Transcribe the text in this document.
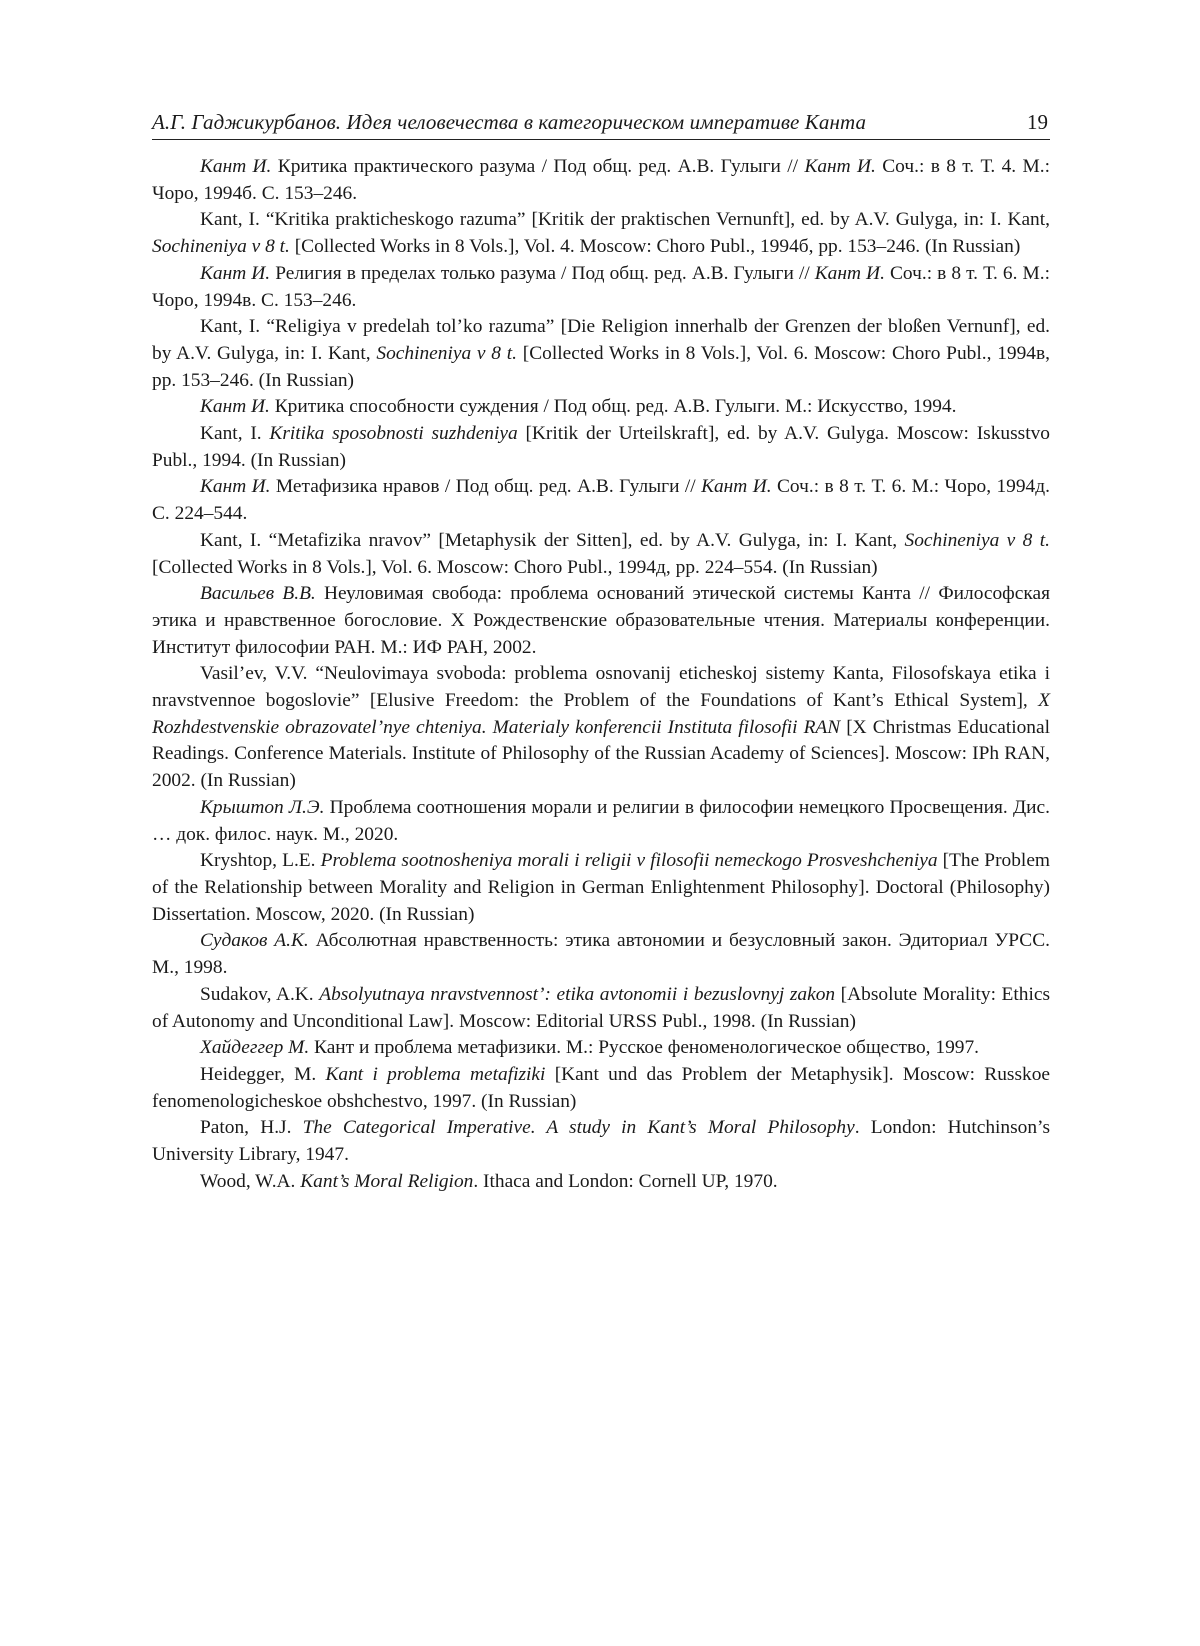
А.Г. Гаджикурбанов. Идея человечества в категорическом императиве Канта	19

Кант И. Критика практического разума / Под общ. ред. А.В. Гулыги // Кант И. Соч.: в 8 т. Т. 4. М.: Чоро, 1994б. С. 153–246.

Kant, I. “Kritika prakticheskogo razuma” [Kritik der praktischen Vernunft], ed. by A.V. Gulyga, in: I. Kant, Sochineniya v 8 t. [Collected Works in 8 Vols.], Vol. 4. Moscow: Choro Publ., 1994б, pp. 153–246. (In Russian)

Кант И. Религия в пределах только разума / Под общ. ред. А.В. Гулыги // Кант И. Соч.: в 8 т. Т. 6. М.: Чоро, 1994в. С. 153–246.

Kant, I. “Religiya v predelah tol’ko razuma” [Die Religion innerhalb der Grenzen der bloßen Vernunf], ed. by A.V. Gulyga, in: I. Kant, Sochineniya v 8 t. [Collected Works in 8 Vols.], Vol. 6. Moscow: Choro Publ., 1994в, pp. 153–246. (In Russian)

Кант И. Критика способности суждения / Под общ. ред. А.В. Гулыги. М.: Искусство, 1994.

Kant, I. Kritika sposobnosti suzhdeniya [Kritik der Urteilskraft], ed. by A.V. Gulyga. Moscow: Iskusstvo Publ., 1994. (In Russian)

Кант И. Метафизика нравов / Под общ. ред. А.В. Гулыги // Кант И. Соч.: в 8 т. Т. 6. М.: Чоро, 1994д. С. 224–544.

Kant, I. “Metafizika nravov” [Metaphysik der Sitten], ed. by A.V. Gulyga, in: I. Kant, Sochineniya v 8 t. [Collected Works in 8 Vols.], Vol. 6. Moscow: Choro Publ., 1994д, pp. 224–554. (In Russian)

Васильев В.В. Неуловимая свобода: проблема оснований этической системы Канта // Философская этика и нравственное богословие. X Рождественские образовательные чтения. Материалы конференции. Институт философии РАН. М.: ИФ РАН, 2002.

Vasil’ev, V.V. “Neulovimaya svoboda: problema osnovanij eticheskoj sistemy Kanta, Filosofskaya etika i nravstvennoe bogoslovie” [Elusive Freedom: the Problem of the Foundations of Kant’s Ethical System], X Rozhdestvenskie obrazovatel’nye chteniya. Materialy konferencii Instituta filosofii RAN [X Christmas Educational Readings. Conference Materials. Institute of Philosophy of the Russian Academy of Sciences]. Moscow: IPh RAN, 2002. (In Russian)

Крыштоп Л.Э. Проблема соотношения морали и религии в философии немецкого Просвещения. Дис. … док. филос. наук. М., 2020.

Kryshtop, L.E. Problema sootnosheniya morali i religii v filosofii nemeckogo Prosveshcheniya [The Problem of the Relationship between Morality and Religion in German Enlightenment Philosophy]. Doctoral (Philosophy) Dissertation. Moscow, 2020. (In Russian)

Судаков А.К. Абсолютная нравственность: этика автономии и безусловный закон. Эдиториал УРСС. М., 1998.

Sudakov, A.K. Absolyutnaya nravstvennost’: etika avtonomii i bezuslovnyj zakon [Absolute Morality: Ethics of Autonomy and Unconditional Law]. Moscow: Editorial URSS Publ., 1998. (In Russian)

Хайдеггер М. Кант и проблема метафизики. М.: Русское феноменологическое общество, 1997.

Heidegger, M. Kant i problema metafiziki [Kant und das Problem der Metaphysik]. Moscow: Russkoe fenomenologicheskoe obshchestvo, 1997. (In Russian)

Paton, H.J. The Categorical Imperative. A study in Kant’s Moral Philosophy. London: Hutchinson’s University Library, 1947.

Wood, W.A. Kant’s Moral Religion. Ithaca and London: Cornell UP, 1970.
